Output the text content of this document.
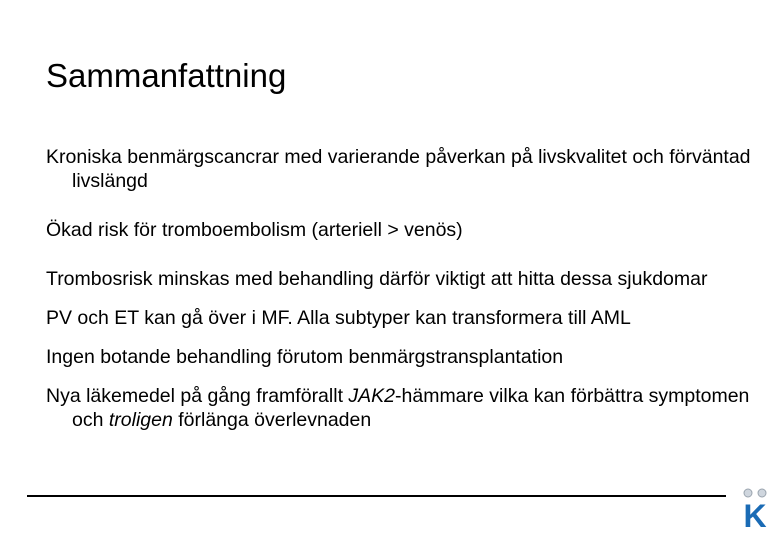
Sammanfattning
Kroniska benmärgscancrar med varierande påverkan på livskvalitet och förväntad livslängd
Ökad risk för tromboembolism (arteriell > venös)
Trombosrisk minskas med behandling därför viktigt att hitta dessa sjukdomar
PV och ET kan gå över i MF. Alla subtyper kan transformera till AML
Ingen botande behandling förutom benmärgstransplantation
Nya läkemedel på gång framförallt JAK2-hämmare vilka kan förbättra symptomen och troligen förlänga överlevnaden
K
